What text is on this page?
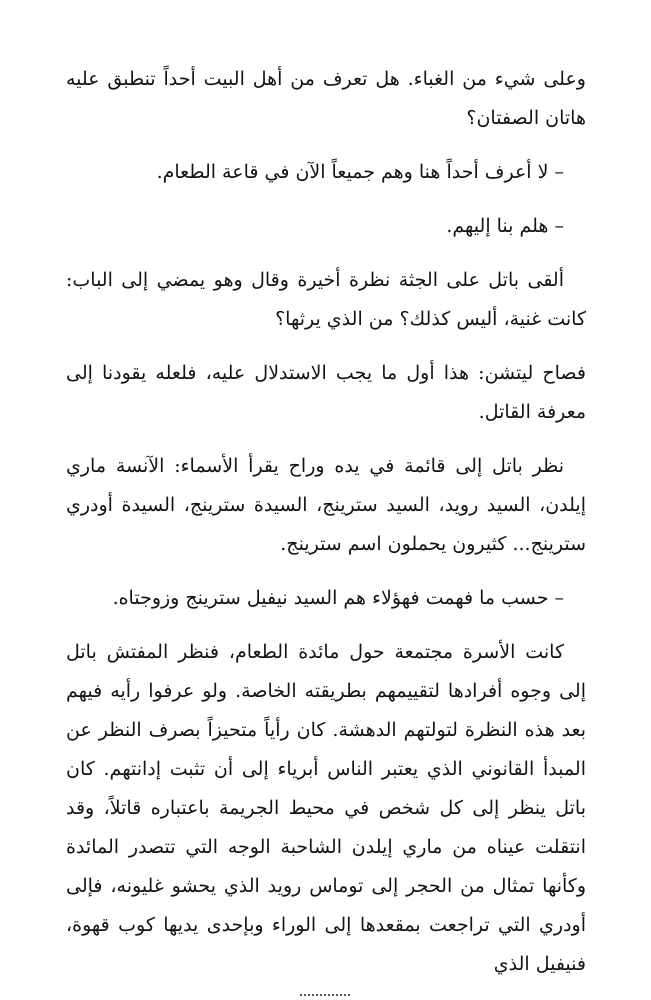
وعلى شيء من الغباء. هل تعرف من أهل البيت أحداً تنطبق عليه هاتان الصفتان؟

– لا أعرف أحداً هنا وهم جميعاً الآن في قاعة الطعام.

– هلم بنا إليهم.

ألقى باتل على الجثة نظرة أخيرة وقال وهو يمضي إلى الباب: كانت غنية، أليس كذلك؟ من الذي يرثها؟

فصاح ليتشن: هذا أول ما يجب الاستدلال عليه، فلعله يقودنا إلى معرفة القاتل.

نظر باتل إلى قائمة في يده وراح يقرأ الأسماء: الآنسة ماري إيلدن، السيد رويد، السيد سترينج، السيدة سترينج، السيدة أودري سترينج... كثيرون يحملون اسم سترينج.

– حسب ما فهمت فهؤلاء هم السيد نيفيل سترينج وزوجتاه.

كانت الأسرة مجتمعة حول مائدة الطعام، فنظر المفتش باتل إلى وجوه أفرادها لتقييمهم بطريقته الخاصة. ولو عرفوا رأيه فيهم بعد هذه النظرة لتولتهم الدهشة. كان رأياً متحيزاً بصرف النظر عن المبدأ القانوني الذي يعتبر الناس أبرياء إلى أن تثبت إدانتهم. كان باتل ينظر إلى كل شخص في محيط الجريمة باعتباره قاتلاً، وقد انتقلت عيناه من ماري إيلدن الشاحبة الوجه التي تتصدر المائدة وكأنها تمثال من الحجر إلى توماس رويد الذي يحشو غليونه، فإلى أودري التي تراجعت بمقعدها إلى الوراء وبإحدى يديها كوب قهوة، فنيفيل الذي
